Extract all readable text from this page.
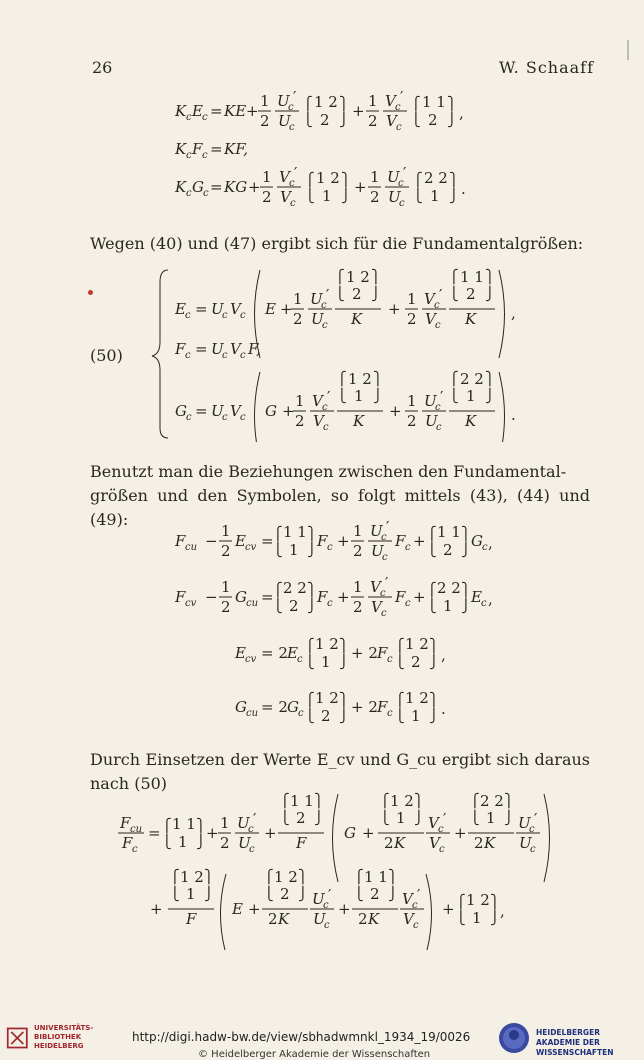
26	W. Schaaff
K c E c = KE +
1
2
U
c
′
U
c
⎧
⎩
1 2
2
⎫
⎭
+
1
2
V c
′
V c
⎧
⎩
1 1
2
⎫
⎭ ,
K c F c = KF,
K c G c = KG +
1
2
V c
′
V c
⎧
⎩
1 2
1
⎫
⎭
+
1
2
U
c
′
U
c
⎧
⎩
2 2
1
⎫
⎭ .
Wegen (40) und (47) ergibt sich für die Fundamentalgrößen:
E c = U
c V c E +
1
2
U
c
′
U
c
⎧
⎩
1 2
2
⎫
⎭
K
+
1
2
V c
′
V c
⎧
⎩
1 1
2
⎫
⎭
K ,
F c = U
c V c F,
G c = U
c V c G +
1
2
V c
′
V c
⎧
⎩
1 2
1
⎫
⎭
K
+
1
2
U
c
′
U
c
⎧
⎩
2 2
1
⎫
⎭
K .
(50)
Benutzt man die Beziehungen zwischen den Fundamental-
größen und den Symbolen, so folgt mittels (43), (44) und (49):
F cu −
1
2
E cv = ⎧
⎩
1 1
1
⎫
⎭
F c +
1
2
U
c
′
U
c
F c + ⎧
⎩
1 1
2
⎫
⎭
G c ,
F cv −
1
2
G cu = ⎧
⎩
2 2
2
⎫
⎭
F c +
1
2
V c
′
V c
F c + ⎧
⎩
2 2
1
⎫
⎭
E c ,
E cv = 2 E c
⎧
⎩
1 2
1
⎫
⎭
+ 2 F c
⎧
⎩
1 2
2
⎫
⎭ ,
G cu = 2 G c
⎧
⎩
1 2
2
⎫
⎭
+ 2 F c
⎧
⎩
1 2
1
⎫
⎭ .
Durch Einsetzen der Werte E_cv und G_cu ergibt sich daraus nach (50)
F cu
F c
= ⎧
⎩
1 1
1
⎫
⎭
+
1
2
U
c
′
U
c
+
⎧
⎩
1 1
2
⎫
⎭
F
G +
⎧
⎩
1 2
1
⎫
⎭
2 K
V c
′
V c
+
⎧
⎩
2 2
1
⎫
⎭
2 K
U
c
′
U
c
+
⎧
⎩
1 2
1
⎫
⎭
F
E +
⎧
⎩
1 2
2
⎫
⎭
2 K
U
c
′
U
c
+
⎧
⎩
1 1
2
⎫
⎭
2 K
V c
′
V c
+ ⎧
⎩
1 2
1
⎫
⎭ ,
UNIVERSITÄTS-BIBLIOTHEK HEIDELBERG
http://digi.hadw-bw.de/view/sbhadwmnkl_1934_19/0026
© Heidelberger Akademie der Wissenschaften
HEIDELBERGER AKADEMIE DER WISSENSCHAFTEN
